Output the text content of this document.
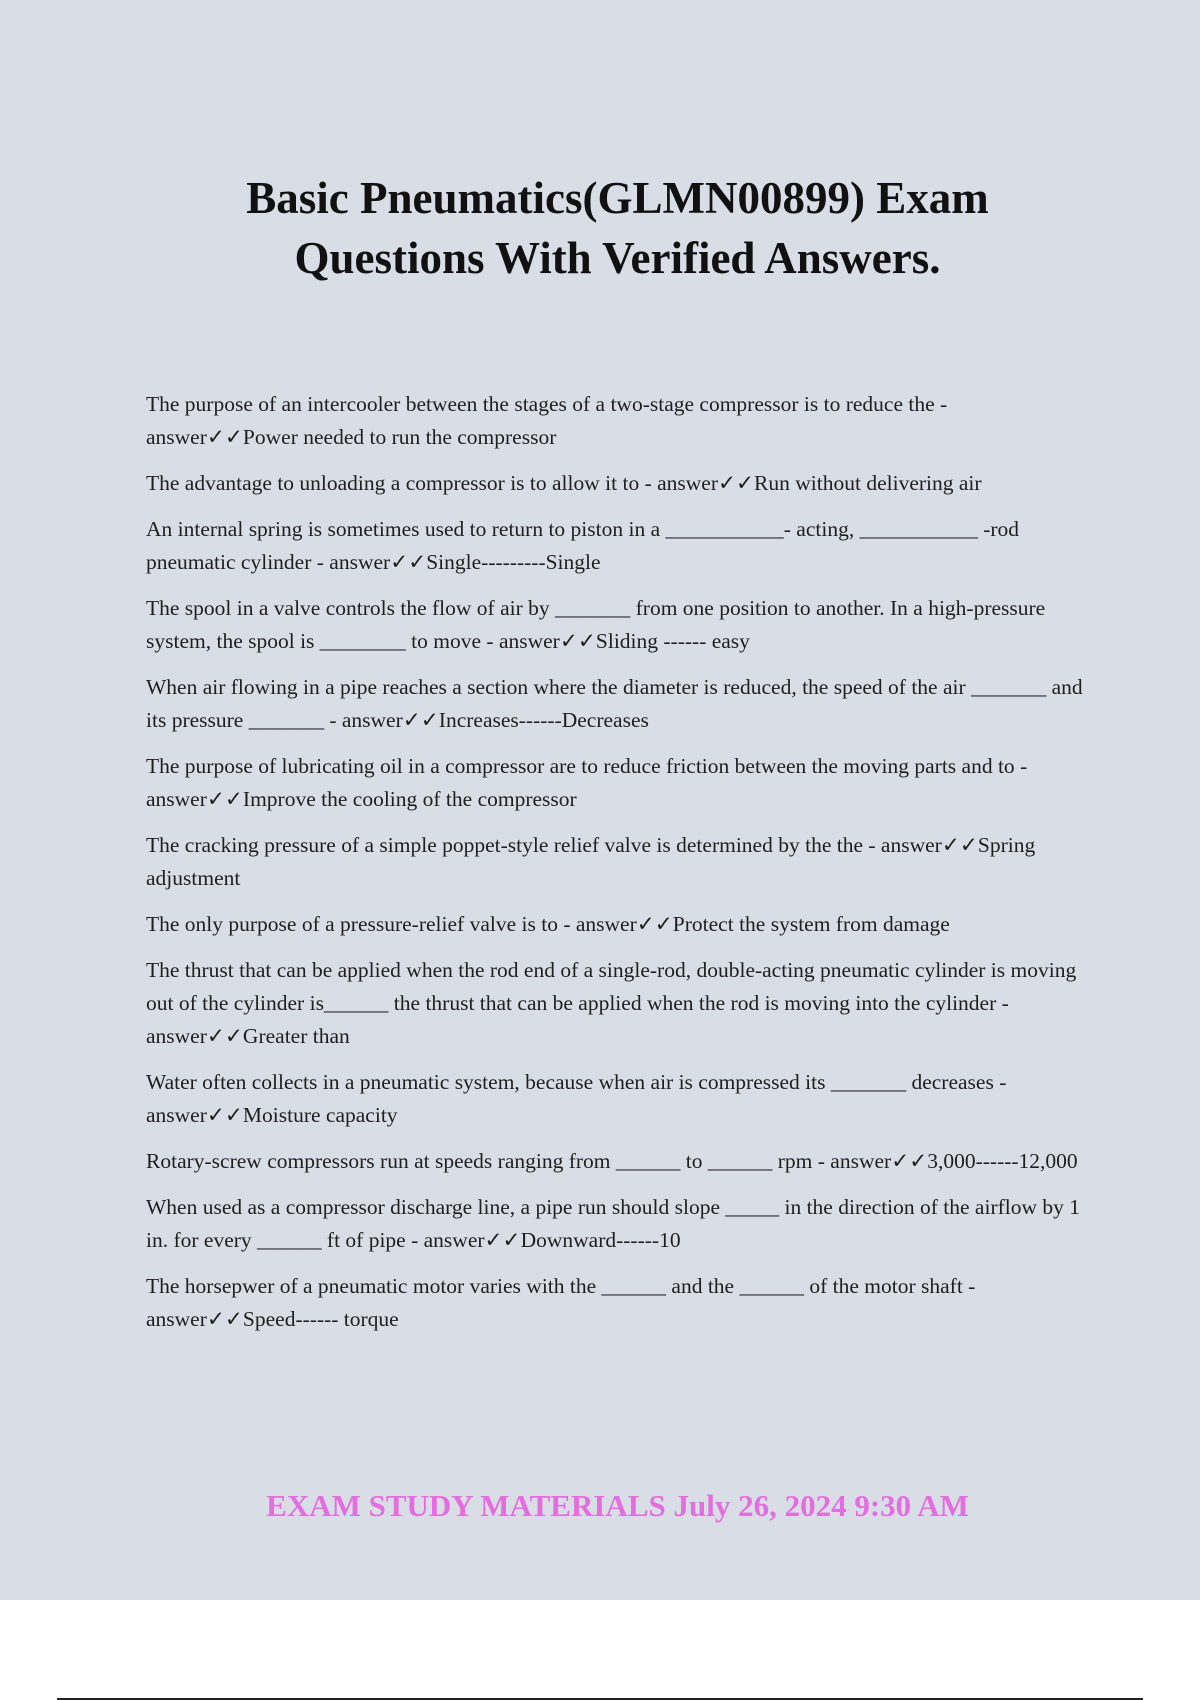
Basic Pneumatics(GLMN00899) Exam Questions With Verified Answers.

The purpose of an intercooler between the stages of a two-stage compressor is to reduce the - answer✓✓Power needed to run the compressor

The advantage to unloading a compressor is to allow it to - answer✓✓Run without delivering air

An internal spring is sometimes used to return to piston in a ___________- acting, ___________ -rod pneumatic cylinder - answer✓✓Single---------Single

The spool in a valve controls the flow of air by _______ from one position to another. In a high-pressure system, the spool is ________ to move - answer✓✓Sliding ------ easy

When air flowing in a pipe reaches a section where the diameter is reduced, the speed of the air _______ and its pressure _______ - answer✓✓Increases------Decreases

The purpose of lubricating oil in a compressor are to reduce friction between the moving parts and to - answer✓✓Improve the cooling of the compressor

The cracking pressure of a simple poppet-style relief valve is determined by the the - answer✓✓Spring adjustment

The only purpose of a pressure-relief valve is to - answer✓✓Protect the system from damage

The thrust that can be applied when the rod end of a single-rod, double-acting pneumatic cylinder is moving out of the cylinder is______ the thrust that can be applied when the rod is moving into the cylinder - answer✓✓Greater than

Water often collects in a pneumatic system, because when air is compressed its _______ decreases - answer✓✓Moisture capacity

Rotary-screw compressors run at speeds ranging from ______ to ______ rpm - answer✓✓3,000------12,000

When used as a compressor discharge line, a pipe run should slope _____ in the direction of the airflow by 1 in. for every ______ ft of pipe - answer✓✓Downward------10

The horsepwer of a pneumatic motor varies with the ______ and the ______ of the motor shaft - answer✓✓Speed------ torque

EXAM STUDY MATERIALS July 26, 2024 9:30 AM
